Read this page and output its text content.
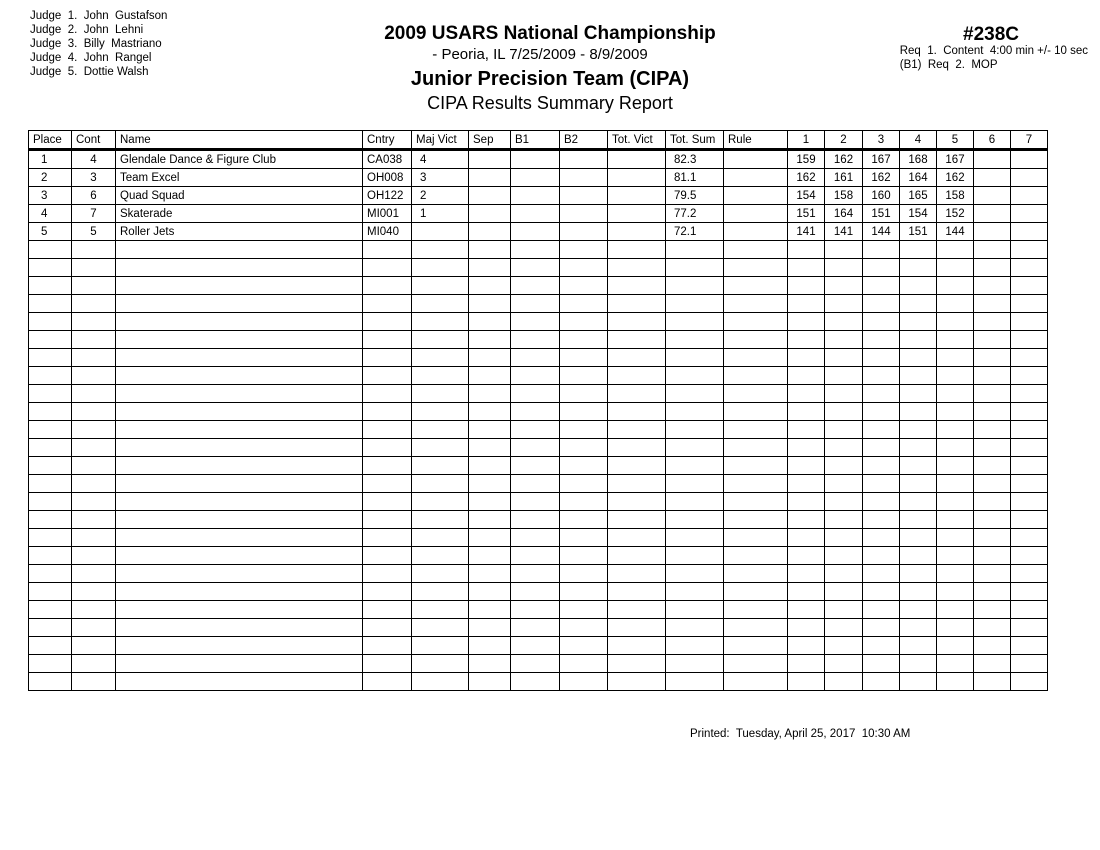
Judge  1.  John  Gustafson
Judge  2.  John  Lehni
Judge  3.  Billy  Mastriano
Judge  4.  John  Rangel
Judge  5.  Dottie Walsh
2009 USARS National Championship
- Peoria, IL 7/25/2009 - 8/9/2009
Junior Precision Team (CIPA)
CIPA Results Summary Report
#238C
Req  1.  Content  4:00 min +/- 10 sec
(B1)  Req  2.  MOP
Place	Cont	Name	Cntry	Maj Vict	Sep	B1	B2	Tot. Vict	Tot. Sum	Rule	1	2	3	4	5	6	7
1	4	Glendale Dance & Figure Club	CA038	4					82.3		159	162	167	168	167		
2	3	Team Excel	OH008	3					81.1		162	161	162	164	162		
3	6	Quad Squad	OH122	2					79.5		154	158	160	165	158		
4	7	Skaterade	MI001	1					77.2		151	164	151	154	152		
5	5	Roller Jets	MI040						72.1		141	141	144	151	144		

Printed:  Tuesday, April 25, 2017  10:30 AM
